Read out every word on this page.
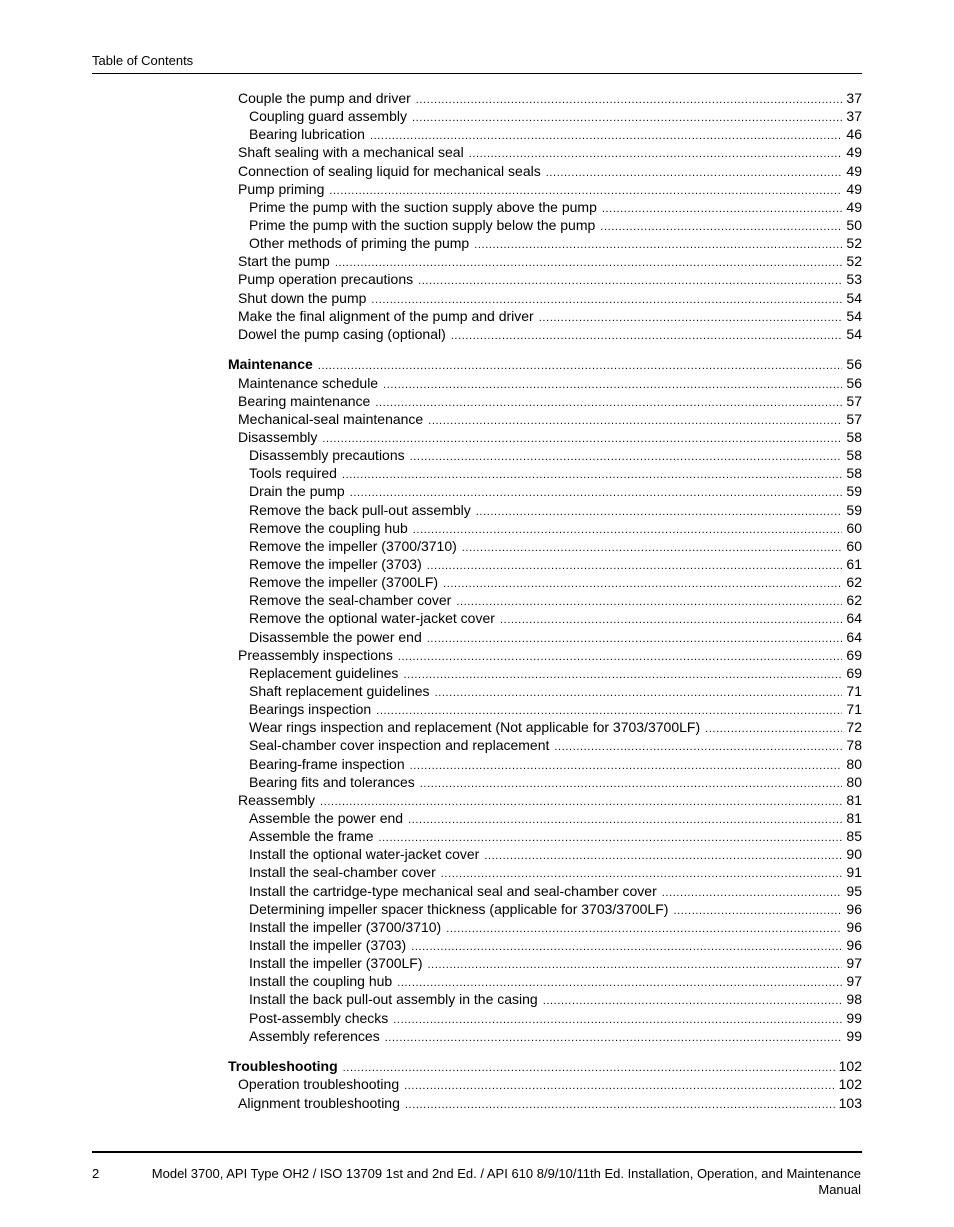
Table of Contents
Couple the pump and driver .....	37
Coupling guard assembly .....	37
Bearing lubrication .....	46
Shaft sealing with a mechanical seal .....	49
Connection of sealing liquid for mechanical seals .....	49
Pump priming .....	49
Prime the pump with the suction supply above the pump .....	49
Prime the pump with the suction supply below the pump .....	50
Other methods of priming the pump .....	52
Start the pump .....	52
Pump operation precautions .....	53
Shut down the pump .....	54
Make the final alignment of the pump and driver .....	54
Dowel the pump casing (optional) .....	54
Maintenance .....	56
Maintenance schedule .....	56
Bearing maintenance .....	57
Mechanical-seal maintenance .....	57
Disassembly .....	58
Disassembly precautions .....	58
Tools required .....	58
Drain the pump .....	59
Remove the back pull-out assembly .....	59
Remove the coupling hub .....	60
Remove the impeller (3700/3710) .....	60
Remove the impeller (3703) .....	61
Remove the impeller (3700LF) .....	62
Remove the seal-chamber cover .....	62
Remove the optional water-jacket cover .....	64
Disassemble the power end .....	64
Preassembly inspections .....	69
Replacement guidelines .....	69
Shaft replacement guidelines .....	71
Bearings inspection .....	71
Wear rings inspection and replacement (Not applicable for 3703/3700LF) .....	72
Seal-chamber cover inspection and replacement .....	78
Bearing-frame inspection .....	80
Bearing fits and tolerances .....	80
Reassembly .....	81
Assemble the power end .....	81
Assemble the frame .....	85
Install the optional water-jacket cover .....	90
Install the seal-chamber cover .....	91
Install the cartridge-type mechanical seal and seal-chamber cover .....	95
Determining impeller spacer thickness (applicable for 3703/3700LF) .....	96
Install the impeller (3700/3710) .....	96
Install the impeller (3703) .....	96
Install the impeller (3700LF) .....	97
Install the coupling hub .....	97
Install the back pull-out assembly in the casing .....	98
Post-assembly checks .....	99
Assembly references .....	99
Troubleshooting .....	102
Operation troubleshooting .....	102
Alignment troubleshooting .....	103
2	Model 3700, API Type OH2 / ISO 13709 1st and 2nd Ed. / API 610 8/9/10/11th Ed. Installation, Operation, and Maintenance Manual
